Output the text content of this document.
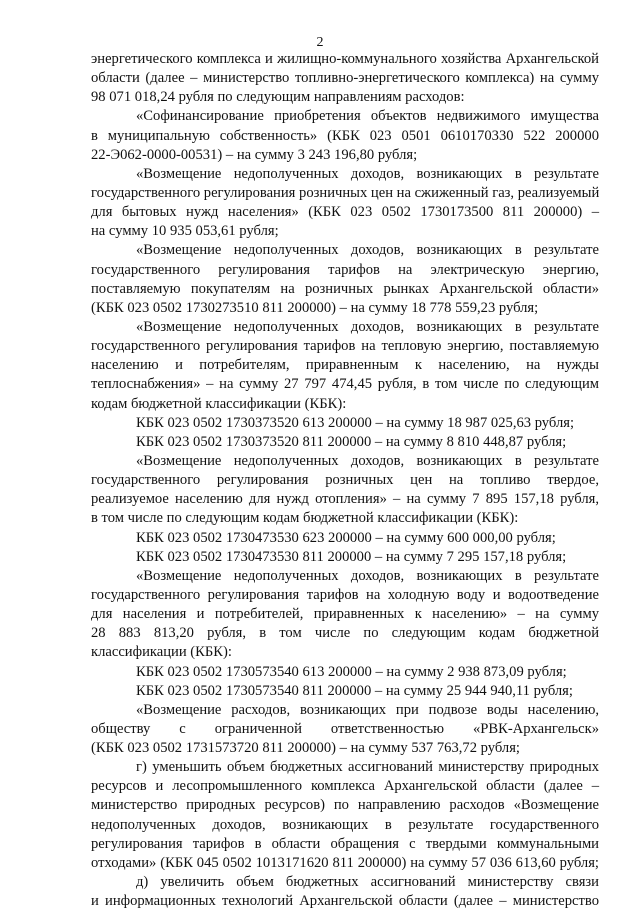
2
энергетического комплекса и жилищно-коммунального хозяйства Архангельской
области (далее – министерство топливно-энергетического комплекса) на сумму
98 071 018,24 рубля по следующим направлениям расходов:
«Софинансирование приобретения объектов недвижимого имущества
в муниципальную собственность» (КБК 023 0501 0610170330 522 200000
22-Э062-0000-00531) – на сумму 3 243 196,80 рубля;
«Возмещение недополученных доходов, возникающих в результате
государственного регулирования розничных цен на сжиженный газ, реализуемый
для бытовых нужд населения» (КБК 023 0502 1730173500 811 200000) –
на сумму 10 935 053,61 рубля;
«Возмещение недополученных доходов, возникающих в результате
государственного регулирования тарифов на электрическую энергию,
поставляемую покупателям на розничных рынках Архангельской области»
(КБК 023 0502 1730273510 811 200000) – на сумму 18 778 559,23 рубля;
«Возмещение недополученных доходов, возникающих в результате
государственного регулирования тарифов на тепловую энергию, поставляемую
населению и потребителям, приравненным к населению, на нужды
теплоснабжения» – на сумму 27 797 474,45 рубля, в том числе по следующим
кодам бюджетной классификации (КБК):
КБК 023 0502 1730373520 613 200000 – на сумму 18 987 025,63 рубля;
КБК 023 0502 1730373520 811 200000 – на сумму 8 810 448,87 рубля;
«Возмещение недополученных доходов, возникающих в результате
государственного регулирования розничных цен на топливо твердое,
реализуемое населению для нужд отопления» – на сумму 7 895 157,18 рубля,
в том числе по следующим кодам бюджетной классификации (КБК):
КБК 023 0502 1730473530 623 200000 – на сумму 600 000,00 рубля;
КБК 023 0502 1730473530 811 200000 – на сумму 7 295 157,18 рубля;
«Возмещение недополученных доходов, возникающих в результате
государственного регулирования тарифов на холодную воду и водоотведение
для населения и потребителей, приравненных к населению» – на сумму
28 883 813,20 рубля, в том числе по следующим кодам бюджетной
классификации (КБК):
КБК 023 0502 1730573540 613 200000 – на сумму 2 938 873,09 рубля;
КБК 023 0502 1730573540 811 200000 – на сумму 25 944 940,11 рубля;
«Возмещение расходов, возникающих при подвозе воды населению,
обществу с ограниченной ответственностью «РВК-Архангельск»
(КБК 023 0502 1731573720 811 200000) – на сумму 537 763,72 рубля;
г) уменьшить объем бюджетных ассигнований министерству природных
ресурсов и лесопромышленного комплекса Архангельской области (далее –
министерство природных ресурсов) по направлению расходов «Возмещение
недополученных доходов, возникающих в результате государственного
регулирования тарифов в области обращения с твердыми коммунальными
отходами» (КБК 045 0502 1013171620 811 200000) на сумму 57 036 613,60 рубля;
д) увеличить объем бюджетных ассигнований министерству связи
и информационных технологий Архангельской области (далее – министерство
